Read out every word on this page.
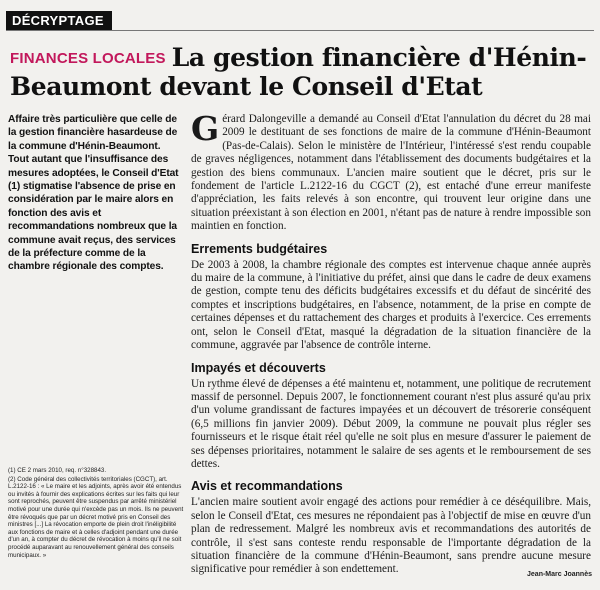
DÉCRYPTAGE
FINANCES LOCALES La gestion financière d'Hénin-Beaumont devant le Conseil d'Etat
Affaire très particulière que celle de la gestion financière hasardeuse de la commune d'Hénin-Beaumont. Tout autant que l'insuffisance des mesures adoptées, le Conseil d'Etat (1) stigmatise l'absence de prise en considération par le maire alors en fonction des avis et recommandations nombreux que la commune avait reçus, des services de la préfecture comme de la chambre régionale des comptes.

(1) CE 2 mars 2010, req. n°328843.

(2) Code général des collectivités territoriales (CGCT), art. L.2122-16 : « Le maire et les adjoints, après avoir été entendus ou invités à fournir des explications écrites sur les faits qui leur sont reprochés, peuvent être suspendus par arrêté ministériel motivé pour une durée qui n'excède pas un mois. Ils ne peuvent être révoqués que par un décret motivé pris en Conseil des ministres [...] La révocation emporte de plein droit l'inéligibilité aux fonctions de maire et à celles d'adjoint pendant une durée d'un an, à compter du décret de révocation à moins qu'il ne soit procédé auparavant au renouvellement général des conseils municipaux. »

Gérard Dalongeville a demandé au Conseil d'Etat l'annulation du décret du 28 mai 2009 le destituant de ses fonctions de maire de la commune d'Hénin-Beaumont (Pas-de-Calais). Selon le ministère de l'Intérieur, l'intéressé s'est rendu coupable de graves négligences, notamment dans l'établissement des documents budgétaires et la gestion des biens communaux. L'ancien maire soutient que le décret, pris sur le fondement de l'article L.2122-16 du CGCT (2), est entaché d'une erreur manifeste d'appréciation, les faits relevés à son encontre, qui trouvent leur origine dans une situation préexistant à son élection en 2001, n'étant pas de nature à rendre impossible son maintien en fonction.

Errements budgétaires

De 2003 à 2008, la chambre régionale des comptes est intervenue chaque année auprès du maire de la commune, à l'initiative du préfet, ainsi que dans le cadre de deux examens de gestion, compte tenu des déficits budgétaires excessifs et du défaut de sincérité des comptes et inscriptions budgétaires, en l'absence, notamment, de la prise en compte de certaines dépenses et du rattachement des charges et produits à l'exercice. Ces errements ont, selon le Conseil d'Etat, masqué la dégradation de la situation financière de la commune, aggravée par l'absence de contrôle interne.

Impayés et découverts

Un rythme élevé de dépenses a été maintenu et, notamment, une politique de recrutement massif de personnel. Depuis 2007, le fonctionnement courant n'est plus assuré qu'au prix d'un volume grandissant de factures impayées et un découvert de trésorerie conséquent (6,5 millions fin janvier 2009). Début 2009, la commune ne pouvait plus régler ses fournisseurs et le risque était réel qu'elle ne soit plus en mesure d'assurer le paiement de ses dépenses prioritaires, notamment le salaire de ses agents et le remboursement de ses dettes.

Avis et recommandations

L'ancien maire soutient avoir engagé des actions pour remédier à ce déséquilibre. Mais, selon le Conseil d'Etat, ces mesures ne répondaient pas à l'objectif de mise en œuvre d'un plan de redressement. Malgré les nombreux avis et recommandations des autorités de contrôle, il s'est sans conteste rendu responsable de l'importante dégradation de la situation financière de la commune d'Hénin-Beaumont, sans prendre aucune mesure significative pour remédier à son endettement.	Jean-Marc Joannès
